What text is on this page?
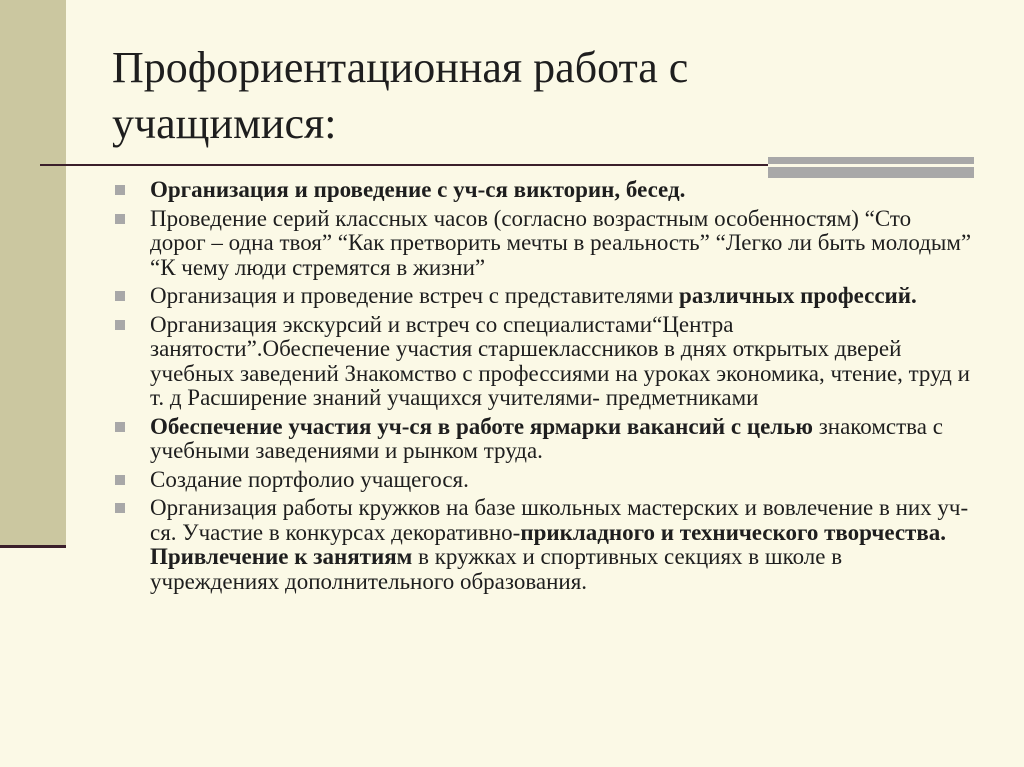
Профориентационная работа с
учащимися:
Организация и проведение с уч-ся викторин, бесед.
Проведение серий классных часов (согласно возрастным особенностям) “Сто дорог – одна твоя” “Как претворить мечты в реальность” “Легко ли быть молодым” “К чему люди стремятся в жизни”
Организация и проведение встреч с представителями различных профессий.
Организация экскурсий и встреч со специалистами“Центра занятости”.Обеспечение участия старшеклассников в днях открытых дверей учебных заведений Знакомство с профессиями на уроках экономика, чтение, труд и т. д Расширение знаний учащихся учителями- предметниками
Обеспечение участия уч-ся в работе ярмарки вакансий с целью знакомства с учебными заведениями и рынком труда.
Создание портфолио учащегося.
Организация работы кружков на базе школьных мастерских и вовлечение в них уч-ся. Участие в конкурсах декоративно-прикладного и технического творчества. Привлечение к занятиям в кружках и спортивных секциях в школе в учреждениях дополнительного образования.
